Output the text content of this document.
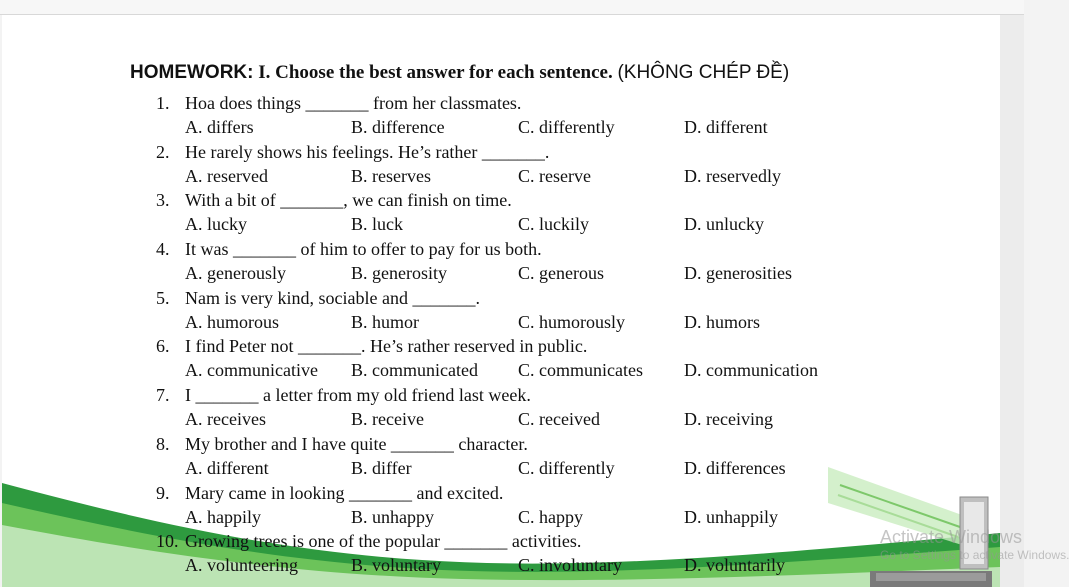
HOMEWORK: I. Choose the best answer for each sentence. (KHÔNG CHÉP ĐỀ)
1. Hoa does things _______ from her classmates.
A. differs	B. difference	C. differently	D. different
2. He rarely shows his feelings. He’s rather _______.
A. reserved	B. reserves	C. reserve	D. reservedly
3. With a bit of _______, we can finish on time.
A. lucky	B. luck	C. luckily	D. unlucky
4. It was _______ of him to offer to pay for us both.
A. generously	B. generosity	C. generous	D. generosities
5. Nam is very kind, sociable and _______.
A. humorous	B. humor	C. humorously	D. humors
6. I find Peter not _______. He’s rather reserved in public.
A. communicative B. communicated C. communicates D. communication
7. I _______ a letter from my old friend last week.
A. receives	B. receive	C. received	D. receiving
8. My brother and I have quite _______ character.
A. different	B. differ	C. differently	D. differences
9. Mary came in looking _______ and excited.
A. happily	B. unhappy	C. happy	D. unhappily
10. Growing trees is one of the popular _______ activities.
A. volunteering	B. voluntary	C. involuntary	D. voluntarily
Activate Windows
Go to Settings to activate Windows.
